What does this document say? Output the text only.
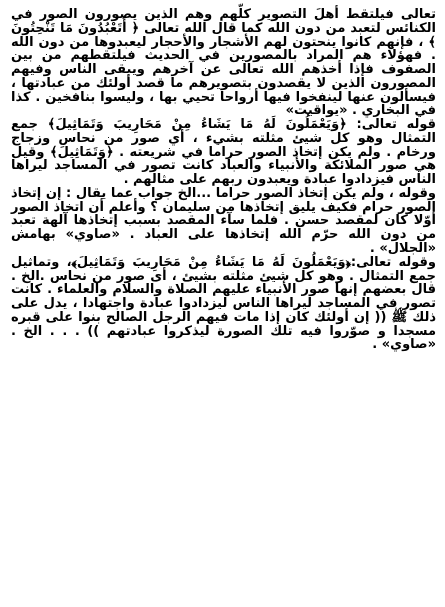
تعالى فيلتقط أهلَ التصوير كلّهم وهم الذين يصورون الصور في الكنائس لتعبد من دون الله كما قال الله تعالى ﴿ أَتَعْبُدُونَ مَا تَنْحِتُونَ ﴾ ، فإنهم كانوا ينحتون لهم الأشجار والأحجار ليعبدوها من دون الله . فهؤلاء هم المراد بالمصورين في الحديث فيلتقطهم من بين الصفوف فإذا أخذهم الله تعالى عن آخرهم ويبقى الناس وفيهم المصورون الذين لا يقصدون بتصويرهم ما قصد أولئك من عبادتها ، فيسألون عنها لينفخوا فيها أرواحا تحيي بها ، وليسوا بنافخين . كذا في البخاري . «يواقيت»

قوله تعالى: ﴿وَيَعْمَلُونَ لَهُ مَا يَشَاءُ مِنْ مَحَارِيبَ وَتَمَاثِيلَ﴾ جمع التمثال وهو كل شيئ مثلته بشيء ، أي صور من نحاس وزجاج ورخام . ولم يكن إتخاذ الصور حراما في شريعته . ﴿وَتَمَاثِيلَ﴾ وقيل هي صور الملائكة والأنبياء والعباد كانت تصور في المساجد ليراها الناس فيزدادوا عبادة ويعبدون ربهم على مثالهم .

وقوله ، ولم يكن إتخاذ الصور حراما ...الخ جواب عما يقال : إن إتخاذ الصور حرام فكيف يليق إتخاذها من سليمان ؟ وأعلم أن اتخاذ الصور أوّلا كان لمقصد حسن . فلما سآء المقصد بسبب إتخاذها آلهة تعبد من دون الله حرّم الله إتخاذها على العباد . «صاوي» بهامش «الجلال» .

وقوله تعالى:﴿وَيَعْمَلُونَ لَهُ مَا يَشَاءُ مِنْ مَحَارِيبَ وَتَمَاثِيلَ﴾، وتماثيل جمع التمثال . وهو كل شيئ مثلته بشيئ ، أى صور من نحاس .الخ . قال بعضهم إنها صور الأنبياء عليهم الصلاة والسلام والعلماء . كانت تصور في المساجد ليراها الناس ليزدادوا عبادة واجتهادا ، يدل على ذلك ﷺ (( إن أولئك كان إذا مات فيهم الرجل الصالح بنوا على قبره مسجدا و صوّروا فيه تلك الصورة ليذكروا عبادتهم )) . . . الخ . «صاوي» .
